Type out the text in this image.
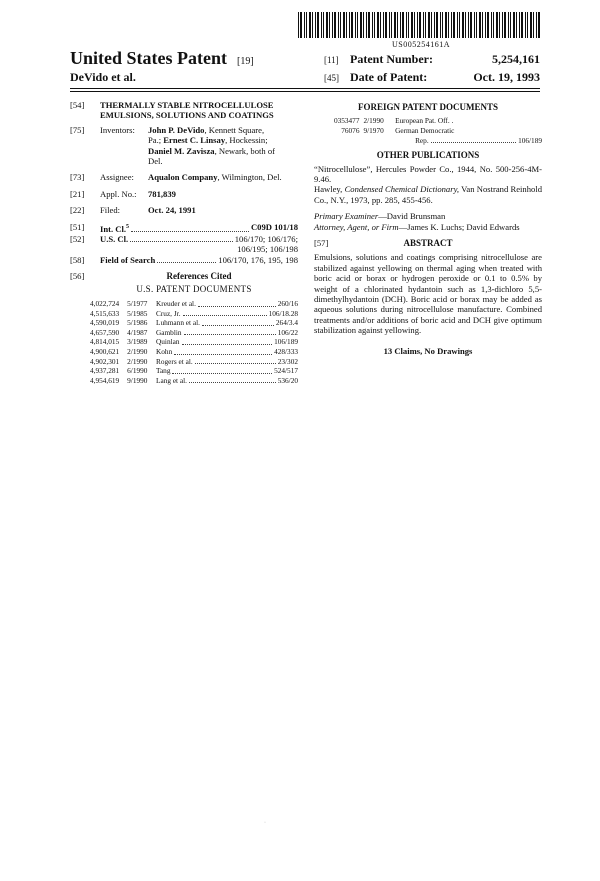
US005254161A
United States Patent [19]
DeVido et al.
[11] Patent Number:	5,254,161
[45] Date of Patent:	Oct. 19, 1993
[54] THERMALLY STABLE NITROCELLULOSE
EMULSIONS, SOLUTIONS AND COATINGS
[75] Inventors: John P. DeVido, Kennett Square,
Pa.; Ernest C. Linsay, Hockessin;
Daniel M. Zavisza, Newark, both of
Del.
[73] Assignee: Aqualon Company, Wilmington, Del.
[21] Appl. No.: 781,839
[22] Filed:	Oct. 24, 1991
[51] Int. Cl.$^5$	C09D 101/18
[52] U.S. Cl.	106/170; 106/176;
106/195; 106/198
[58] Field of Search	106/170, 176, 195, 198
[56]	References Cited
U.S. PATENT DOCUMENTS
4,022,724	5/1977	Kreuder et al. 260/16

4,515,633	5/1985	Cruz, Jr. 106/18.28

4,590,019	5/1986	Luhmann et al. 264/3.4

4,657,590	4/1987	Gamblin 106/22

4,814,015	3/1989	Quinlan 106/189

4,900,621	2/1990	Kohn 428/333

4,902,301	2/1990	Rogers et al. 23/302

4,937,281	6/1990	Tang 524/517

4,954,619	9/1990	Lang et al. 536/20
FOREIGN PATENT DOCUMENTS
0353477	2/1990	European Pat. Off. .
76076	9/1970	German Democratic

		Rep. 106/189
OTHER PUBLICATIONS
“Nitrocellulose”, Hercules Powder Co., 1944, No. 500-256-4M-9.46.
Hawley, Condensed Chemical Dictionary, Van Nostrand Reinhold Co., N.Y., 1973, pp. 285, 455-456.
Primary Examiner—David Brunsman
Attorney, Agent, or Firm—James K. Luchs; David Edwards
[57]	ABSTRACT
Emulsions, solutions and coatings comprising nitrocellulose are stabilized against yellowing on thermal aging when treated with boric acid or borax or hydrogen peroxide or 0.1 to 0.5% by weight of a chlorinated hydantoin such as 1,3-dichloro 5,5-dimethylhydantoin (DCH). Boric acid or borax may be added as aqueous solutions during nitrocellulose manufacture. Combined treatments and/or additions of boric acid and DCH give optimum stabilization against yellowing.
13 Claims, No Drawings
·
